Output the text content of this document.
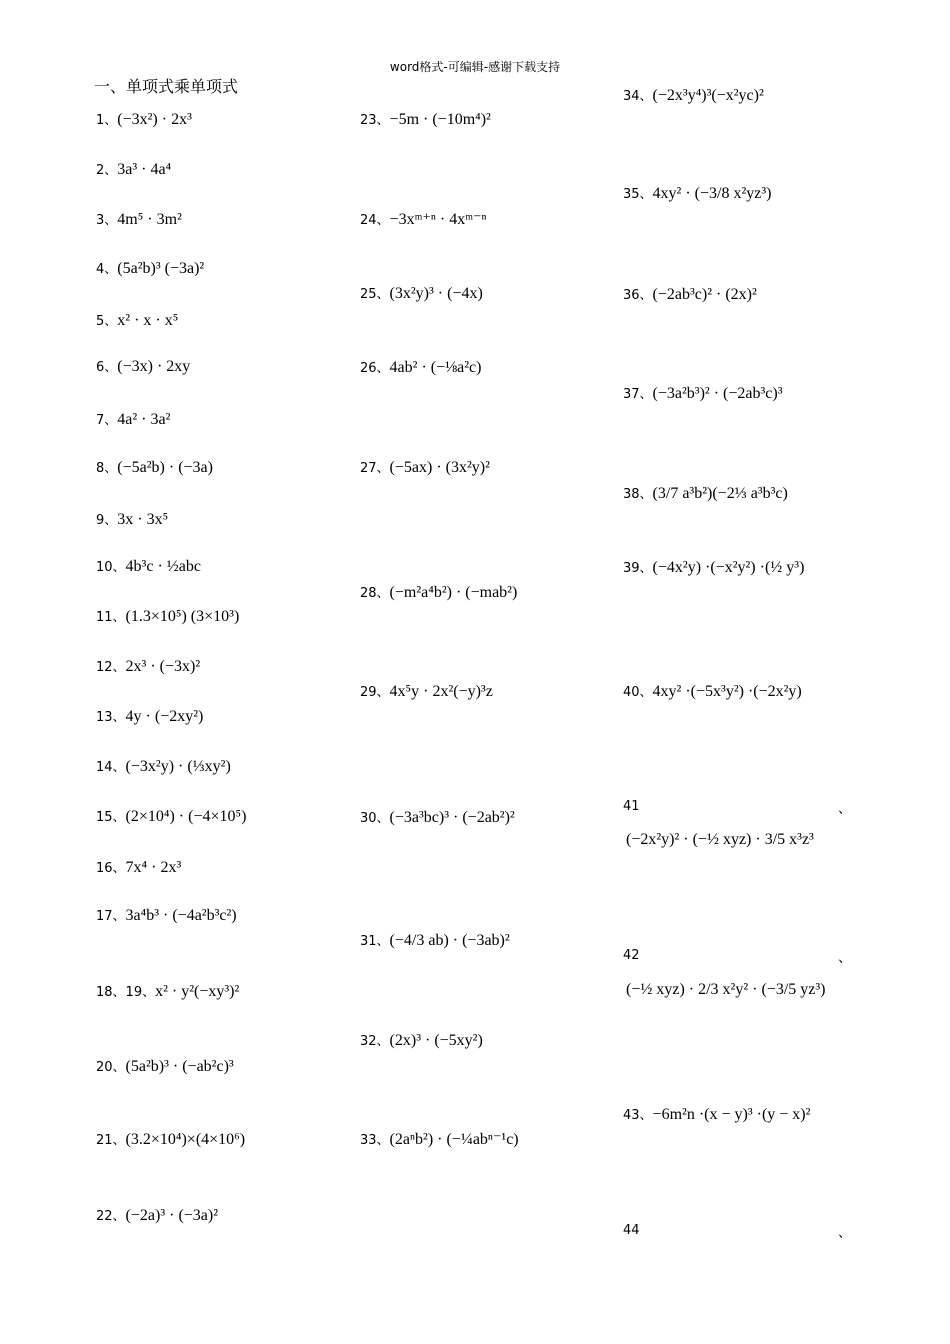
word格式-可编辑-感谢下载支持
一、单项式乘单项式
1、(−3x²) · 2x³
2、3a³ · 4a⁴
3、4m⁵ · 3m²
4、(5a²b)³ (−3a)²
5、x² · x · x⁵
6、(−3x) · 2xy
7、4a² · 3a²
8、(−5a²b) · (−3a)
9、3x · 3x⁵
10、4b³c · ½abc
11、(1.3×10⁵) (3×10³)
12、2x³ · (−3x)²
13、4y · (−2xy²)
14、(−3x²y) · (⅓xy²)
15、(2×10⁴) · (−4×10⁵)
16、7x⁴ · 2x³
17、3a⁴b³ · (−4a²b³c²)
18、19、x² · y²(−xy³)²
20、(5a²b)³ · (−ab²c)³
21、(3.2×10⁴)×(4×10⁶)
22、(−2a)³ · (−3a)²
23、−5m · (−10m⁴)²
24、−3xᵐ⁺ⁿ · 4xᵐ⁻ⁿ
25、(3x²y)³ · (−4x)
26、4ab² · (−⅛a²c)
27、(−5ax) · (3x²y)²
28、(−m²a⁴b²) · (−mab²)
29、4x⁵y · 2x²(−y)³z
30、(−3a³bc)³ · (−2ab²)²
31、(−4/3 ab) · (−3ab)²
32、(2x)³ · (−5xy²)
33、(2aⁿb²) · (−¼abⁿ⁻¹c)
34、(−2x³y⁴)³(−x²yc)²
35、4xy² · (−3/8 x²yz³)
36、(−2ab³c)² · (2x)²
37、(−3a²b³)² · (−2ab³c)³
38、(3/7 a³b²)(−2⅓ a³b³c)
39、(−4x²y) ·(−x²y²) ·(½ y³)
40、4xy² ·(−5x³y²) ·(−2x²y)
41	、
(−2x²y)² · (−½ xyz) · 3/5 x³z³
42	、
(−½ xyz) · 2/3 x²y² · (−3/5 yz³)
43、−6m²n ·(x − y)³ ·(y − x)²
44	、
